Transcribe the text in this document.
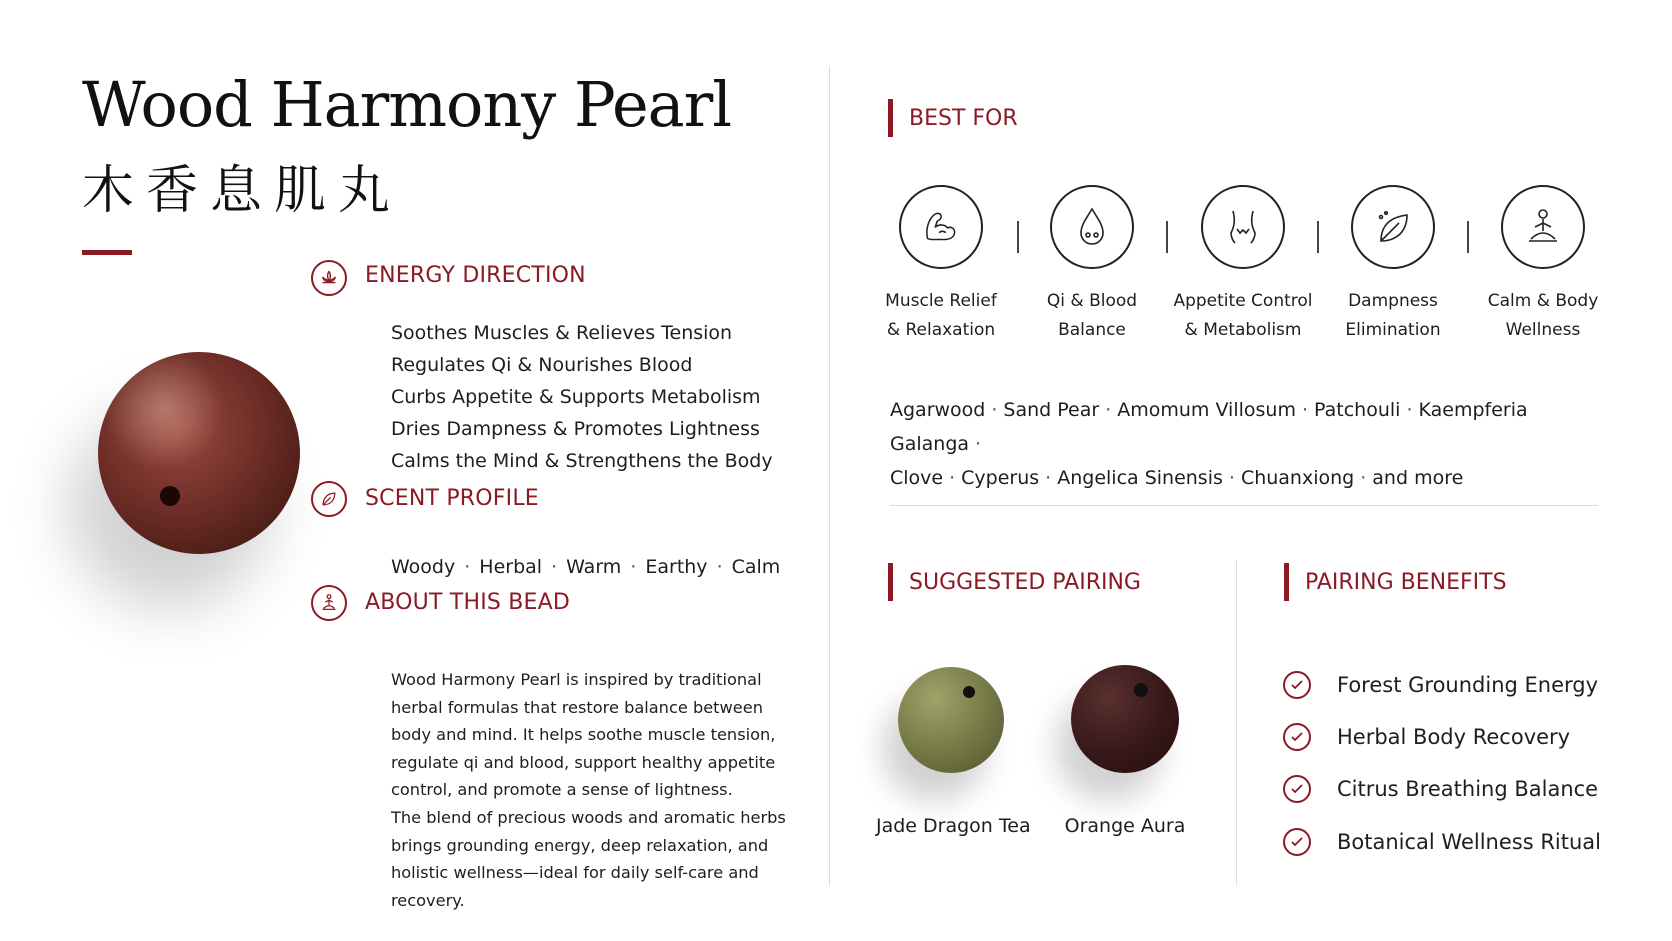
Wood Harmony Pearl
木香息肌丸
ENERGY DIRECTION
Soothes Muscles & Relieves Tension
Regulates Qi & Nourishes Blood
Curbs Appetite & Supports Metabolism
Dries Dampness & Promotes Lightness
Calms the Mind & Strengthens the Body
SCENT PROFILE
Woody · Herbal · Warm · Earthy · Calm
ABOUT THIS BEAD
Wood Harmony Pearl is inspired by traditional herbal formulas that restore balance between body and mind. It helps soothe muscle tension, regulate qi and blood, support healthy appetite control, and promote a sense of lightness.
The blend of precious woods and aromatic herbs brings grounding energy, deep relaxation, and holistic wellness—ideal for daily self-care and recovery.
BEST FOR
Muscle Relief
& Relaxation
Qi & Blood
Balance
Appetite Control
& Metabolism
Dampness
Elimination
Calm & Body
Wellness
Agarwood · Sand Pear · Amomum Villosum · Patchouli · Kaempferia Galanga ·
Clove · Cyperus · Angelica Sinensis · Chuanxiong · and more
SUGGESTED PAIRING
Jade Dragon Tea	Orange Aura
PAIRING BENEFITS
Forest Grounding Energy
Herbal Body Recovery
Citrus Breathing Balance
Botanical Wellness Ritual
